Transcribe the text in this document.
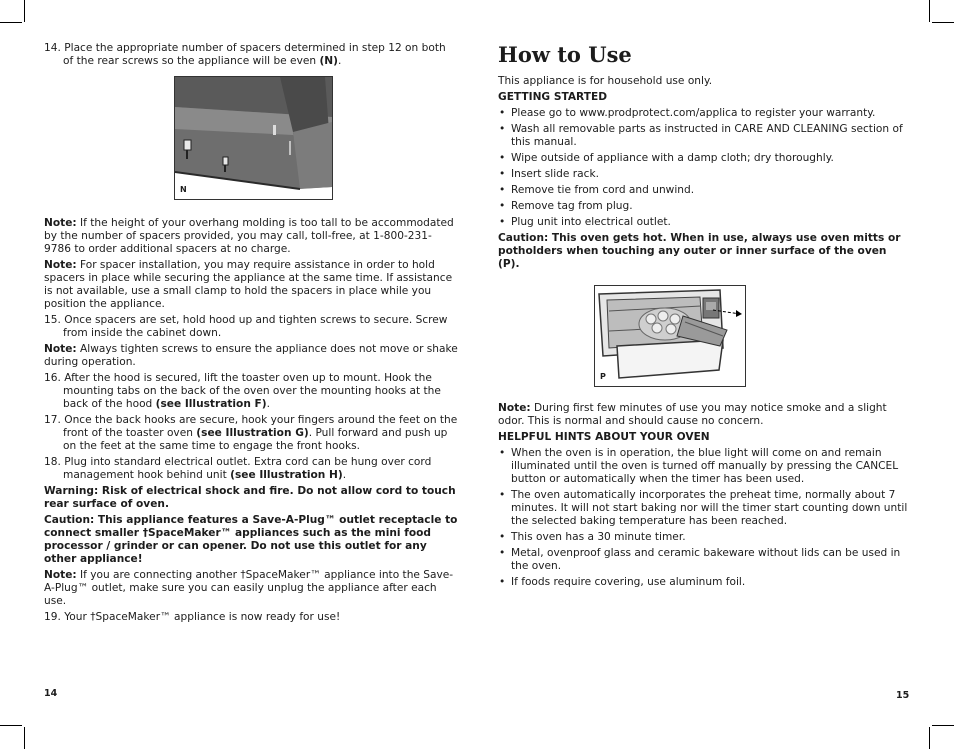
14. Place the appropriate number of spacers determined in step 12 on both of the rear screws so the appliance will be even (N).

N

Note: If the height of your overhang molding is too tall to be accommodated by the number of spacers provided, you may call, toll-free, at 1-800-231-9786 to order additional spacers at no charge.

Note: For spacer installation, you may require assistance in order to hold spacers in place while securing the appliance at the same time. If assistance is not available, use a small clamp to hold the spacers in place while you position the appliance.

15. Once spacers are set, hold hood up and tighten screws to secure. Screw from inside the cabinet down.

Note: Always tighten screws to ensure the appliance does not move or shake during operation.

16. After the hood is secured, lift the toaster oven up to mount. Hook the mounting tabs on the back of the oven over the mounting hooks at the back of the hood (see Illustration F).

17. Once the back hooks are secure, hook your fingers around the feet on the front of the toaster oven (see Illustration G). Pull forward and push up on the feet at the same time to engage the front hooks.

18. Plug into standard electrical outlet. Extra cord can be hung over cord management hook behind unit (see Illustration H).

Warning: Risk of electrical shock and fire. Do not allow cord to touch rear surface of oven.

Caution: This appliance features a Save-A-Plug™ outlet receptacle to connect smaller †SpaceMaker™ appliances such as the mini food processor / grinder or can opener. Do not use this outlet for any other appliance!

Note: If you are connecting another †SpaceMaker™ appliance into the Save-A-Plug™ outlet, make sure you can easily unplug the appliance after each use.

19. Your †SpaceMaker™ appliance is now ready for use!

14
How to Use

This appliance is for household use only.

GETTING STARTED

• Please go to www.prodprotect.com/applica to register your warranty.
• Wash all removable parts as instructed in CARE AND CLEANING section of this manual.
• Wipe outside of appliance with a damp cloth; dry thoroughly.
• Insert slide rack.
• Remove tie from cord and unwind.
• Remove tag from plug.
• Plug unit into electrical outlet.

Caution: This oven gets hot. When in use, always use oven mitts or potholders when touching any outer or inner surface of the oven (P).

P

Note: During first few minutes of use you may notice smoke and a slight odor. This is normal and should cause no concern.

HELPFUL HINTS ABOUT YOUR OVEN

• When the oven is in operation, the blue light will come on and remain illuminated until the oven is turned off manually by pressing the CANCEL button or automatically when the timer has been used.
• The oven automatically incorporates the preheat time, normally about 7 minutes. It will not start baking nor will the timer start counting down until the selected baking temperature has been reached.
• This oven has a 30 minute timer.
• Metal, ovenproof glass and ceramic bakeware without lids can be used in the oven.
• If foods require covering, use aluminum foil.
15
